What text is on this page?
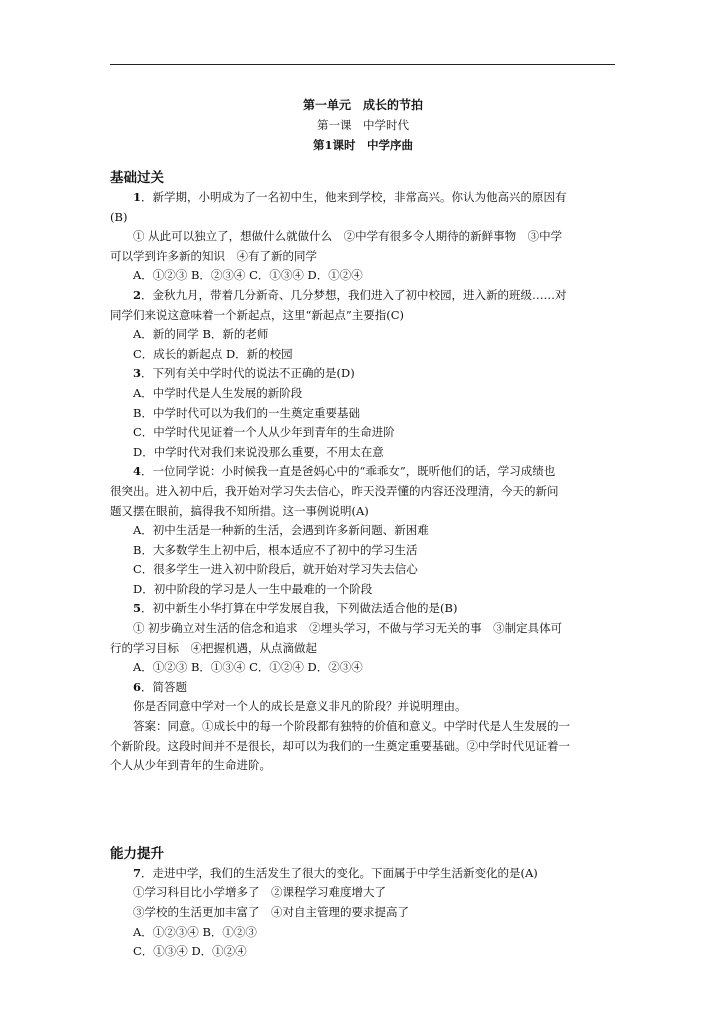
第一单元　成长的节拍
第一课　中学时代
第1课时　中学序曲
基础过关

1．新学期，小明成为了一名初中生，他来到学校，非常高兴。你认为他高兴的原因有

(B)

① 从此可以独立了，想做什么就做什么　②中学有很多令人期待的新鲜事物　③中学

可以学到许多新的知识　④有了新的同学

A．①②③ B．②③④ C．①③④ D．①②④

2．金秋九月，带着几分新奇、几分梦想，我们进入了初中校园，进入新的班级……对

同学们来说这意味着一个新起点，这里“新起点”主要指(C)

A．新的同学 B．新的老师

C．成长的新起点 D．新的校园

3．下列有关中学时代的说法不正确的是(D)

A．中学时代是人生发展的新阶段

B．中学时代可以为我们的一生奠定重要基础

C．中学时代见证着一个人从少年到青年的生命进阶

D．中学时代对我们来说没那么重要，不用太在意

4．一位同学说：小时候我一直是爸妈心中的“乖乖女”，既听他们的话，学习成绩也

很突出。进入初中后，我开始对学习失去信心，昨天没弄懂的内容还没理清，今天的新问

题又摆在眼前，搞得我不知所措。这一事例说明(A)

A．初中生活是一种新的生活，会遇到许多新问题、新困难

B．大多数学生上初中后，根本适应不了初中的学习生活

C．很多学生一进入初中阶段后，就开始对学习失去信心

D．初中阶段的学习是人一生中最难的一个阶段

5．初中新生小华打算在中学发展自我，下列做法适合他的是(B)

① 初步确立对生活的信念和追求　②埋头学习，不做与学习无关的事　③制定具体可

行的学习目标　④把握机遇，从点滴做起

A．①②③ B．①③④ C．①②④ D．②③④

6．简答题

你是否同意中学对一个人的成长是意义非凡的阶段？并说明理由。

答案：同意。①成长中的每一个阶段都有独特的价值和意义。中学时代是人生发展的一

个新阶段。这段时间并不是很长，却可以为我们的一生奠定重要基础。②中学时代见证着一

个人从少年到青年的生命进阶。

能力提升

7．走进中学，我们的生活发生了很大的变化。下面属于中学生活新变化的是(A)

①学习科目比小学增多了　②课程学习难度增大了

③学校的生活更加丰富了　④对自主管理的要求提高了

A．①②③④ B．①②③

C．①③④ D．①②④
